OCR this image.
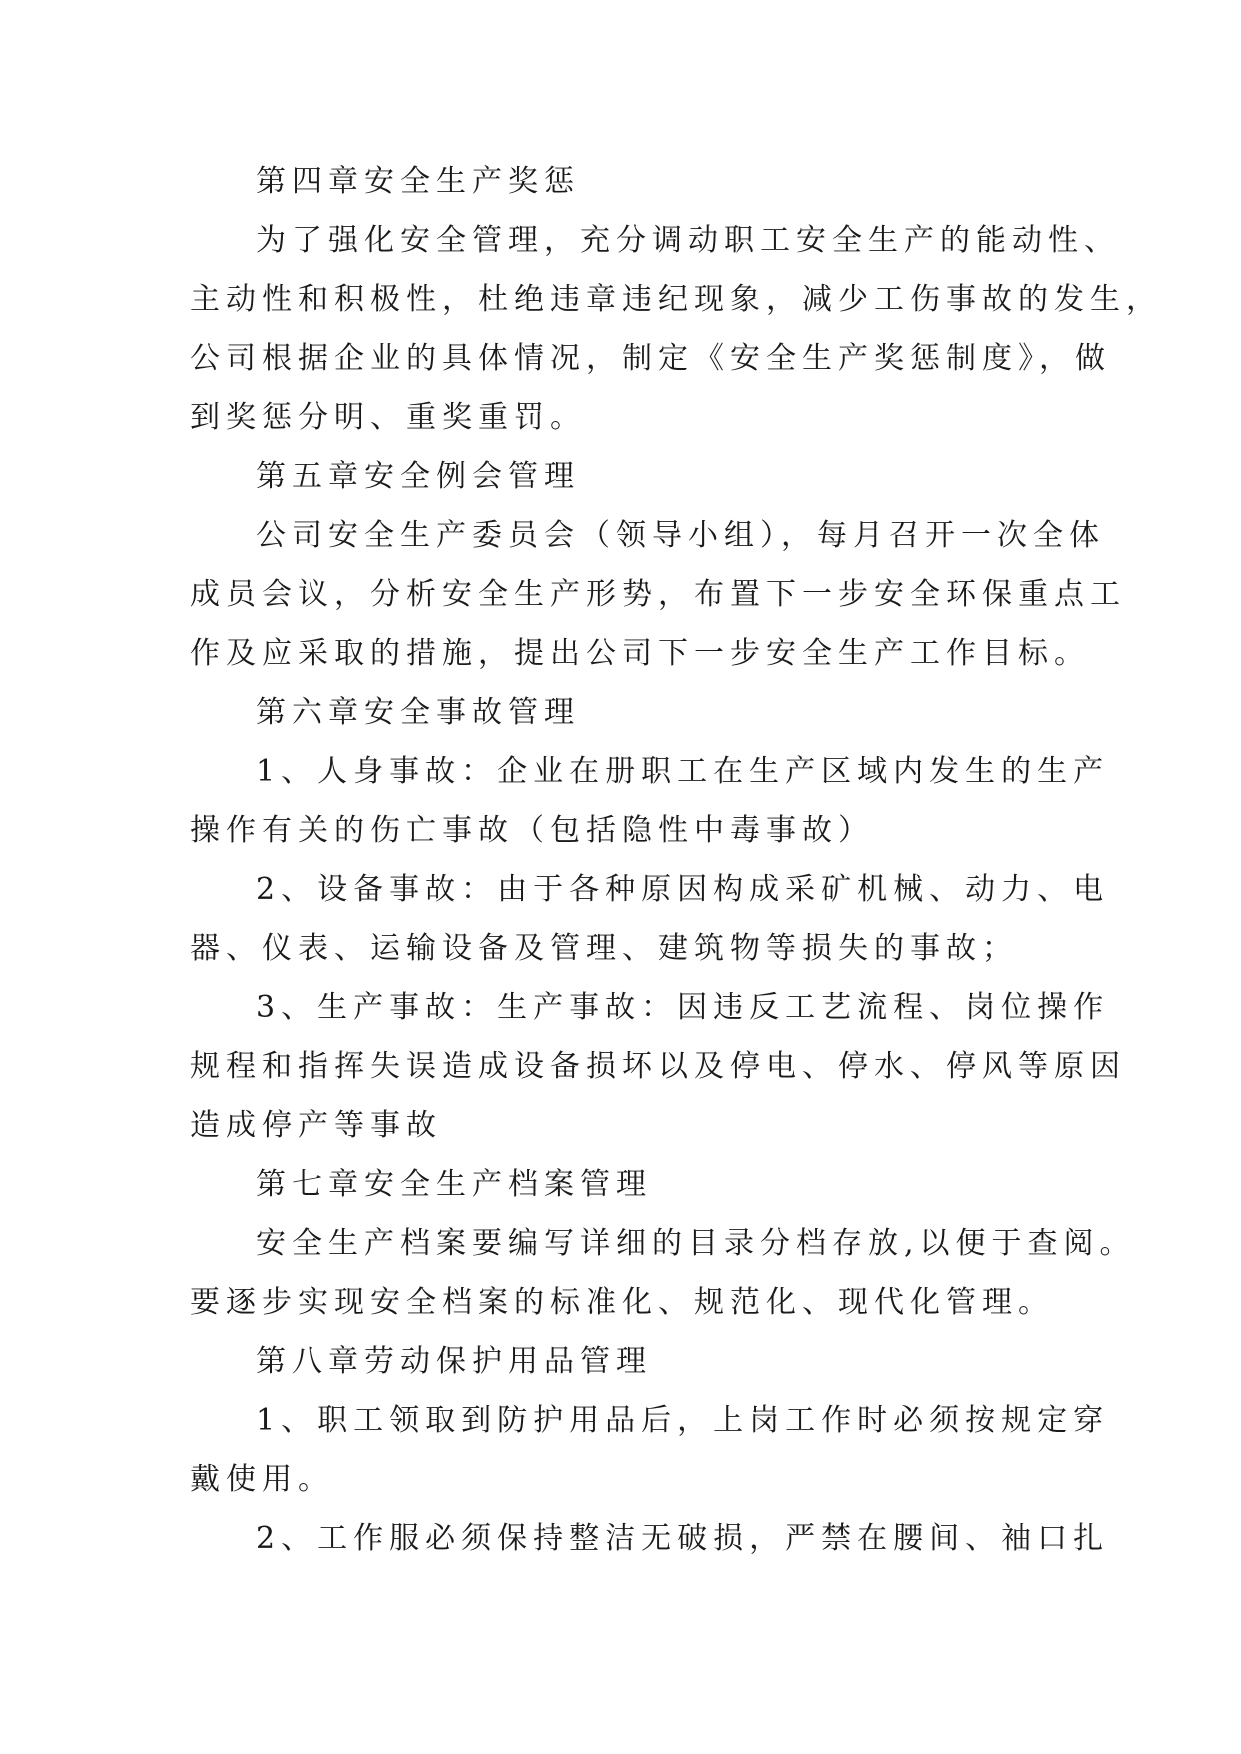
第四章安全生产奖惩
为了强化安全管理，充分调动职工安全生产的能动性、
主动性和积极性，杜绝违章违纪现象，减少工伤事故的发生，
公司根据企业的具体情况，制定《安全生产奖惩制度》，做
到奖惩分明、重奖重罚。
第五章安全例会管理
公司安全生产委员会（领导小组），每月召开一次全体
成员会议，分析安全生产形势，布置下一步安全环保重点工
作及应采取的措施，提出公司下一步安全生产工作目标。
第六章安全事故管理
1、人身事故：企业在册职工在生产区域内发生的生产
操作有关的伤亡事故（包括隐性中毒事故）
2、设备事故：由于各种原因构成采矿机械、动力、电
器、仪表、运输设备及管理、建筑物等损失的事故；
3、生产事故：生产事故：因违反工艺流程、岗位操作
规程和指挥失误造成设备损坏以及停电、停水、停风等原因
造成停产等事故
第七章安全生产档案管理
安全生产档案要编写详细的目录分档存放,以便于查阅。
要逐步实现安全档案的标准化、规范化、现代化管理。
第八章劳动保护用品管理
1、职工领取到防护用品后，上岗工作时必须按规定穿
戴使用。
2、工作服必须保持整洁无破损，严禁在腰间、袖口扎
